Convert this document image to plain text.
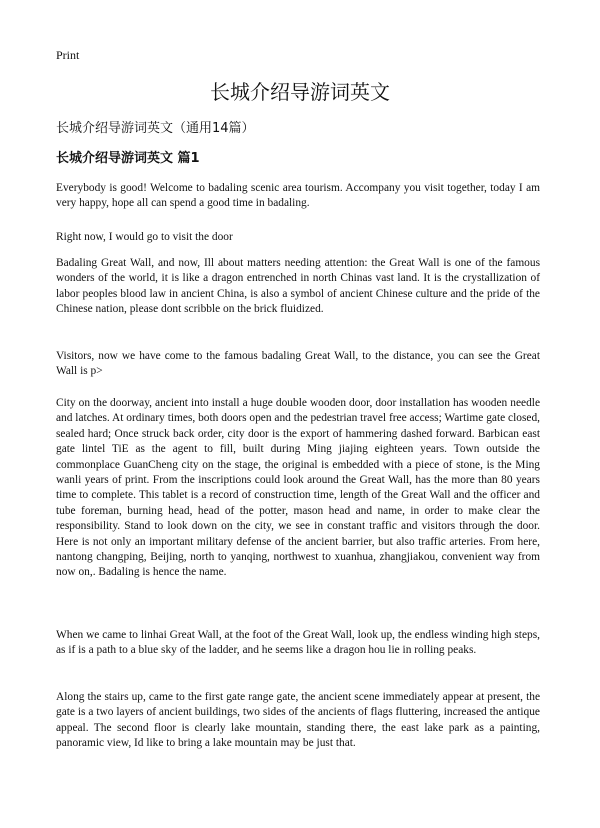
Print
长城介绍导游词英文
长城介绍导游词英文（通用14篇）
长城介绍导游词英文 篇1

Everybody is good! Welcome to badaling scenic area tourism. Accompany you visit together, today I am very happy, hope all can spend a good time in badaling.

Right now, I would go to visit the door

Badaling Great Wall, and now, Ill about matters needing attention: the Great Wall is one of the famous wonders of the world, it is like a dragon entrenched in north Chinas vast land. It is the crystallization of labor peoples blood law in ancient China, is also a symbol of ancient Chinese culture and the pride of the Chinese nation, please dont scribble on the brick fluidized.

Visitors, now we have come to the famous badaling Great Wall, to the distance, you can see the Great Wall is p>

City on the doorway, ancient into install a huge double wooden door, door installation has wooden needle and latches. At ordinary times, both doors open and the pedestrian travel free access; Wartime gate closed, sealed hard; Once struck back order, city door is the export of hammering dashed forward. Barbican east gate lintel TiE as the agent to fill, built during Ming jiajing eighteen years. Town outside the commonplace GuanCheng city on the stage, the original is embedded with a piece of stone, is the Ming wanli years of print. From the inscriptions could look around the Great Wall, has the more than 80 years time to complete. This tablet is a record of construction time, length of the Great Wall and the officer and tube foreman, burning head, head of the potter, mason head and name, in order to make clear the responsibility. Stand to look down on the city, we see in constant traffic and visitors through the door. Here is not only an important military defense of the ancient barrier, but also traffic arteries. From here, nantong changping, Beijing, north to yanqing, northwest to xuanhua, zhangjiakou, convenient way from now on,. Badaling is hence the name.

When we came to linhai Great Wall, at the foot of the Great Wall, look up, the endless winding high steps, as if is a path to a blue sky of the ladder, and he seems like a dragon hou lie in rolling peaks.

Along the stairs up, came to the first gate range gate, the ancient scene immediately appear at present, the gate is a two layers of ancient buildings, two sides of the ancients of flags fluttering, increased the antique appeal. The second floor is clearly lake mountain, standing there, the east lake park as a painting, panoramic view, Id like to bring a lake mountain may be just that.
